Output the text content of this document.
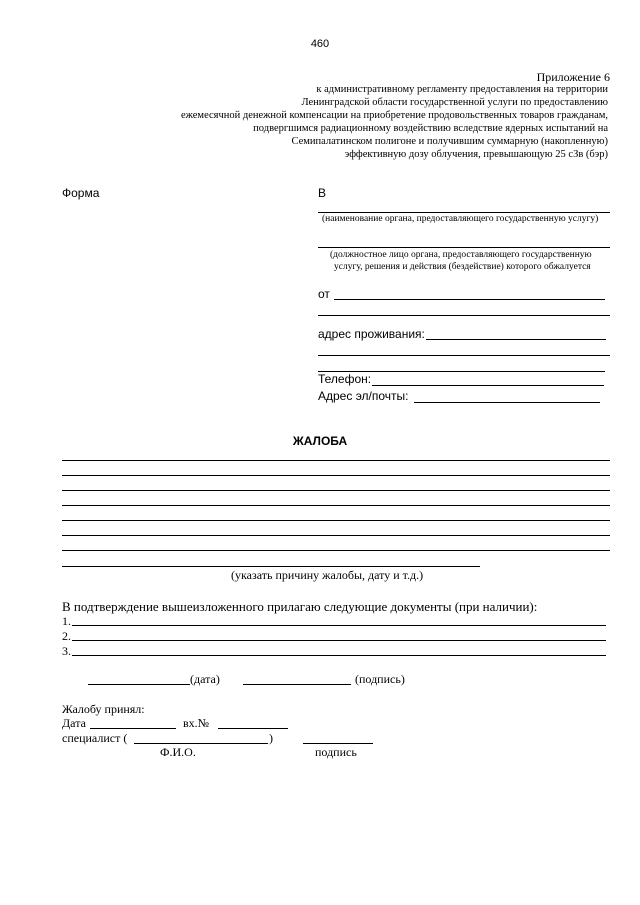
460
Приложение 6
к административному регламенту предоставления на территории
Ленинградской области государственной услуги по предоставлению
ежемесячной денежной компенсации на приобретение продовольственных товаров гражданам,
подвергшимся радиационному воздействию вследствие ядерных испытаний на
Семипалатинском полигоне и получившим суммарную (накопленную)
эффективную дозу облучения, превышающую 25 сЗв (бэр)
Форма	В
(наименование органа, предоставляющего государственную услугу)
(должностное лицо органа, предоставляющего государственную
услугу, решения и действия (бездействие) которого обжалуется
от
адрес проживания:
Телефон:
Адрес эл/почты:
ЖАЛОБА
(указать причину жалобы, дату и т.д.)
В подтверждение вышеизложенного прилагаю следующие документы (при наличии):
1.
2.
3.
(дата)	(подпись)
Жалобу принял:
Дата	вх.№
специалист (	)
Ф.И.О.	подпись
